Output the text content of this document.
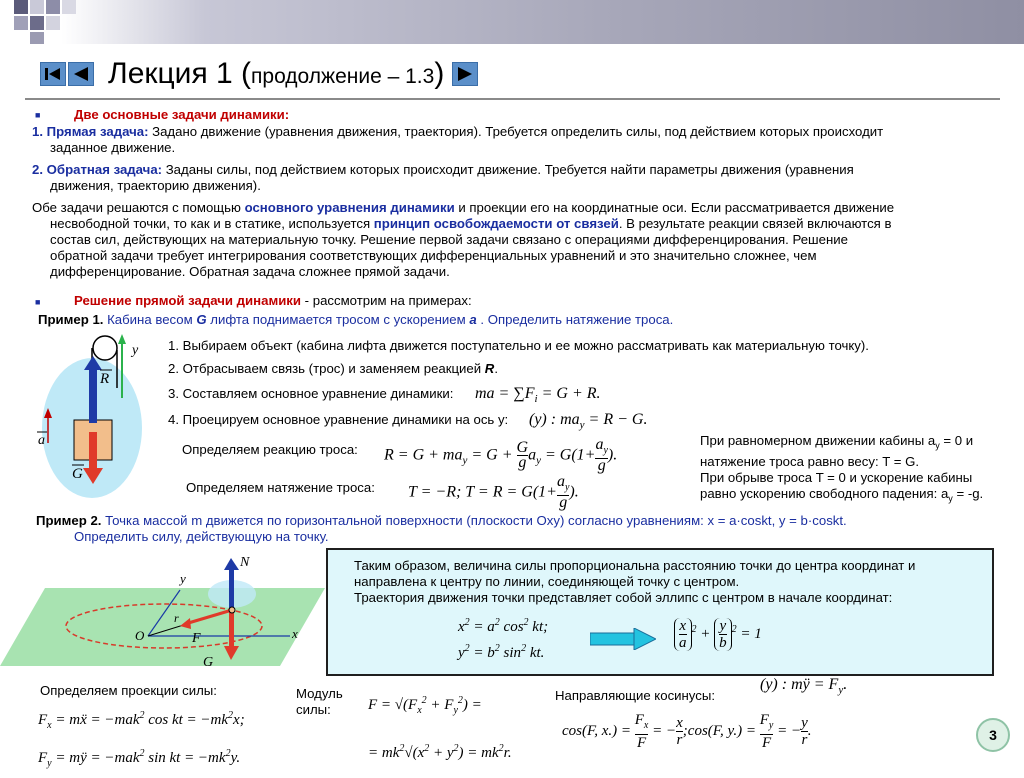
Лекция 1 (продолжение – 1.3)
■	Две основные задачи динамики:
1. Прямая задача: Задано движение (уравнения движения, траектория). Требуется определить силы, под действием которых происходит
заданное движение.
2. Обратная задача: Заданы силы, под действием которых происходит движение. Требуется найти параметры движения (уравнения
движения, траекторию движения).
Обе задачи решаются с помощью основного уравнения динамики и проекции его на координатные оси. Если рассматривается движение
несвободной точки, то как и в статике, используется принцип освобождаемости от связей. В результате реакции связей включаются в
состав сил, действующих на материальную точку. Решение первой задачи связано с операциями дифференцирования. Решение
обратной задачи требует интегрирования соответствующих дифференциальных уравнений и это значительно сложнее, чем
дифференцирование. Обратная задача сложнее прямой задачи.
■	Решение прямой задачи динамики - рассмотрим на примерах:
Пример 1. Кабина весом G лифта поднимается тросом с ускорением a . Определить натяжение троса.
y
R
a
G
1. Выбираем объект (кабина лифта движется поступательно и ее можно рассматривать как материальную точку).
2. Отбрасываем связь (трос) и заменяем реакцией R.
3. Составляем основное уравнение динамики: ma = $\sum F_i = G + R$.
4. Проецируем основное уравнение динамики на ось y: (y) : $ma_y = R - G$.
Определяем реакцию троса: $R = G + ma_y = G + \frac{G}{g} a_y = G(1+ \frac{a_y}{g}$ ).
Определяем натяжение троса: T = −R; $T = R = G(1+ \frac{a_y}{g}$ ).
При равномерном движении кабины $a_y = 0$ и
натяжение троса равно весу: T = G.
При обрыве троса T = 0 и ускорение кабины
равно ускорению свободного падения: $a_y = -g$.
Пример 2. Точка массой m движется по горизонтальной поверхности (плоскости Oxy) согласно уравнениям: x = a·coskt, y = b·coskt.
Определить силу, действующую на точку.
N
y
O	x
r
F
G
Таким образом, величина силы пропорциональна расстоянию точки до центра координат и
направлена к центру по линии, соединяющей точку с центром.
Траектория движения точки представляет собой эллипс с центром в начале координат:
$x^2 = a^2$ $\cos^2$ kt;
$y^2 = b^2$ $\sin^2$ kt.
$\frac{x}{a} ^2 + \frac{y}{b} ^2 = 1$
(y) : mÿ = $F_y$.
Определяем проекции силы:
$F_x$ = mẍ = −mak$^2$ cos kt = $-mk^2x$;
$F_y$ = mÿ = −mak$^2$ sin kt = $-mk^2y$.
Модуль
силы:	$F = √(F_x^2 + F_y^2)$ =
= $mk^2√(x^2 + y^2) = mk^2r$.
Направляющие косинусы:
cos(F, $x.) = \frac{F_x}{F}$ = − $\frac{x}{r}$ ;cos(F, $y.) = \frac{F_y}{F}$ = − $\frac{y}{r}$ .	3
